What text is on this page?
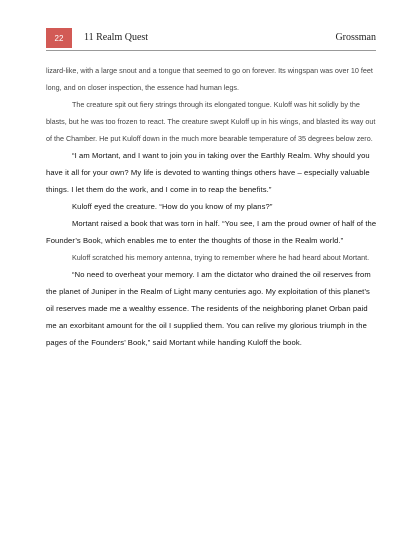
22	11 Realm Quest	Grossman

lizard-like, with a large snout and a tongue that seemed to go on forever. Its wingspan was over 10 feet long, and on closer inspection, the essence had human legs.

The creature spit out fiery strings through its elongated tongue. Kuloff was hit solidly by the blasts, but he was too frozen to react. The creature swept Kuloff up in his wings, and blasted its way out of the Chamber. He put Kuloff down in the much more bearable temperature of 35 degrees below zero.

“I am Mortant, and I want to join you in taking over the Earthly Realm. Why should you have it all for your own? My life is devoted to wanting things others have – especially valuable things. I let them do the work, and I come in to reap the benefits.”

Kuloff eyed the creature. “How do you know of my plans?”

Mortant raised a book that was torn in half. “You see, I am the proud owner of half of the Founder’s Book, which enables me to enter the thoughts of those in the Realm world.”

Kuloff scratched his memory antenna, trying to remember where he had heard about Mortant.

“No need to overheat your memory. I am the dictator who drained the oil reserves from the planet of Juniper in the Realm of Light many centuries ago. My exploitation of this planet’s oil reserves made me a wealthy essence. The residents of the neighboring planet Orban paid me an exorbitant amount for the oil I supplied them. You can relive my glorious triumph in the pages of the Founders’ Book,” said Mortant while handing Kuloff the book.
